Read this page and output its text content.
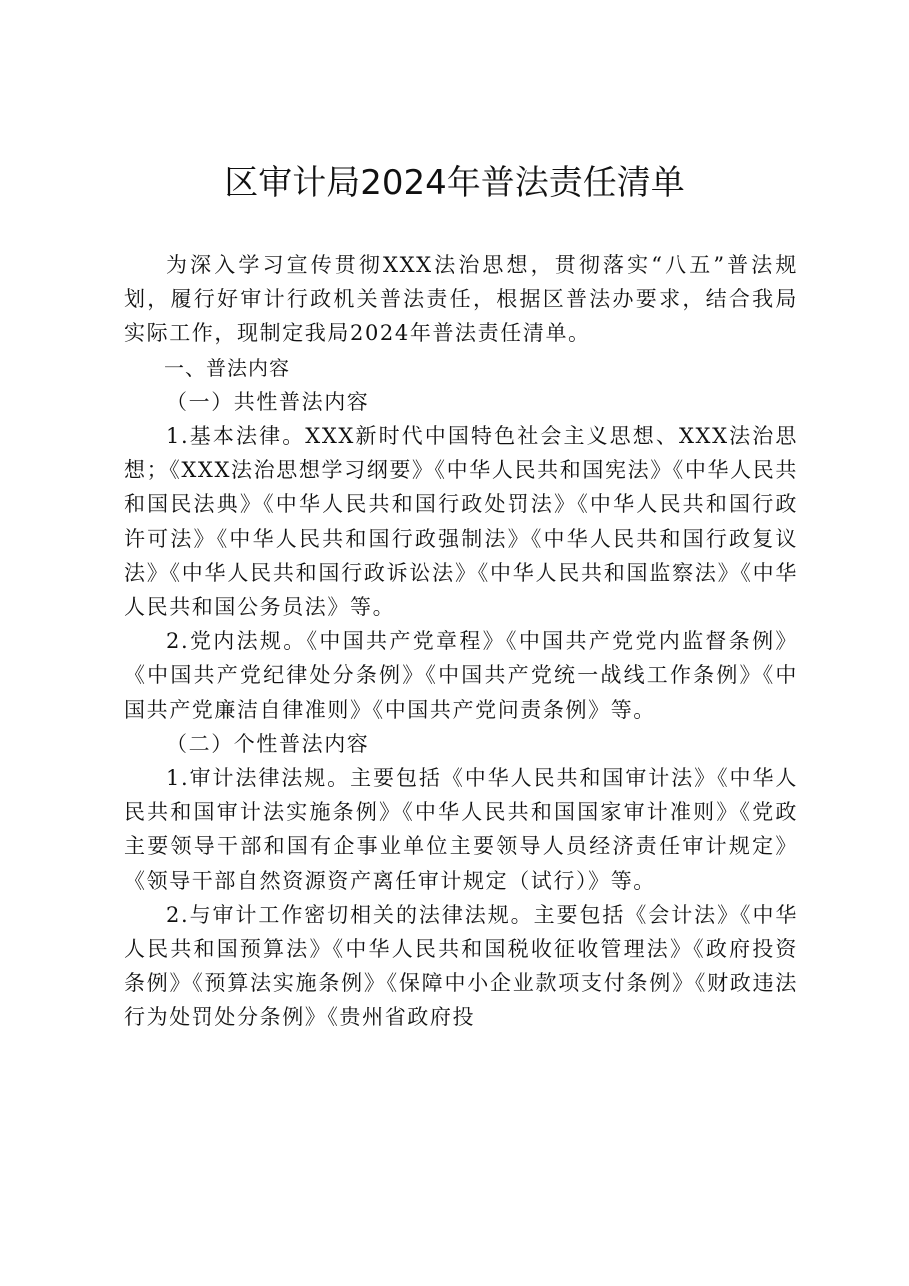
区审计局2024年普法责任清单

为深入学习宣传贯彻XXX法治思想，贯彻落实“八五”普法规划，履行好审计行政机关普法责任，根据区普法办要求，结合我局实际工作，现制定我局2024年普法责任清单。

一、普法内容

（一）共性普法内容

1.基本法律。XXX新时代中国特色社会主义思想、XXX法治思想；《XXX法治思想学习纲要》《中华人民共和国宪法》《中华人民共和国民法典》《中华人民共和国行政处罚法》《中华人民共和国行政许可法》《中华人民共和国行政强制法》《中华人民共和国行政复议法》《中华人民共和国行政诉讼法》《中华人民共和国监察法》《中华人民共和国公务员法》等。

2.党内法规。《中国共产党章程》《中国共产党党内监督条例》《中国共产党纪律处分条例》《中国共产党统一战线工作条例》《中国共产党廉洁自律准则》《中国共产党问责条例》等。

（二）个性普法内容

1.审计法律法规。主要包括《中华人民共和国审计法》《中华人民共和国审计法实施条例》《中华人民共和国国家审计准则》《党政主要领导干部和国有企事业单位主要领导人员经济责任审计规定》《领导干部自然资源资产离任审计规定（试行）》等。

2.与审计工作密切相关的法律法规。主要包括《会计法》《中华人民共和国预算法》《中华人民共和国税收征收管理法》《政府投资条例》《预算法实施条例》《保障中小企业款项支付条例》《财政违法行为处罚处分条例》《贵州省政府投
